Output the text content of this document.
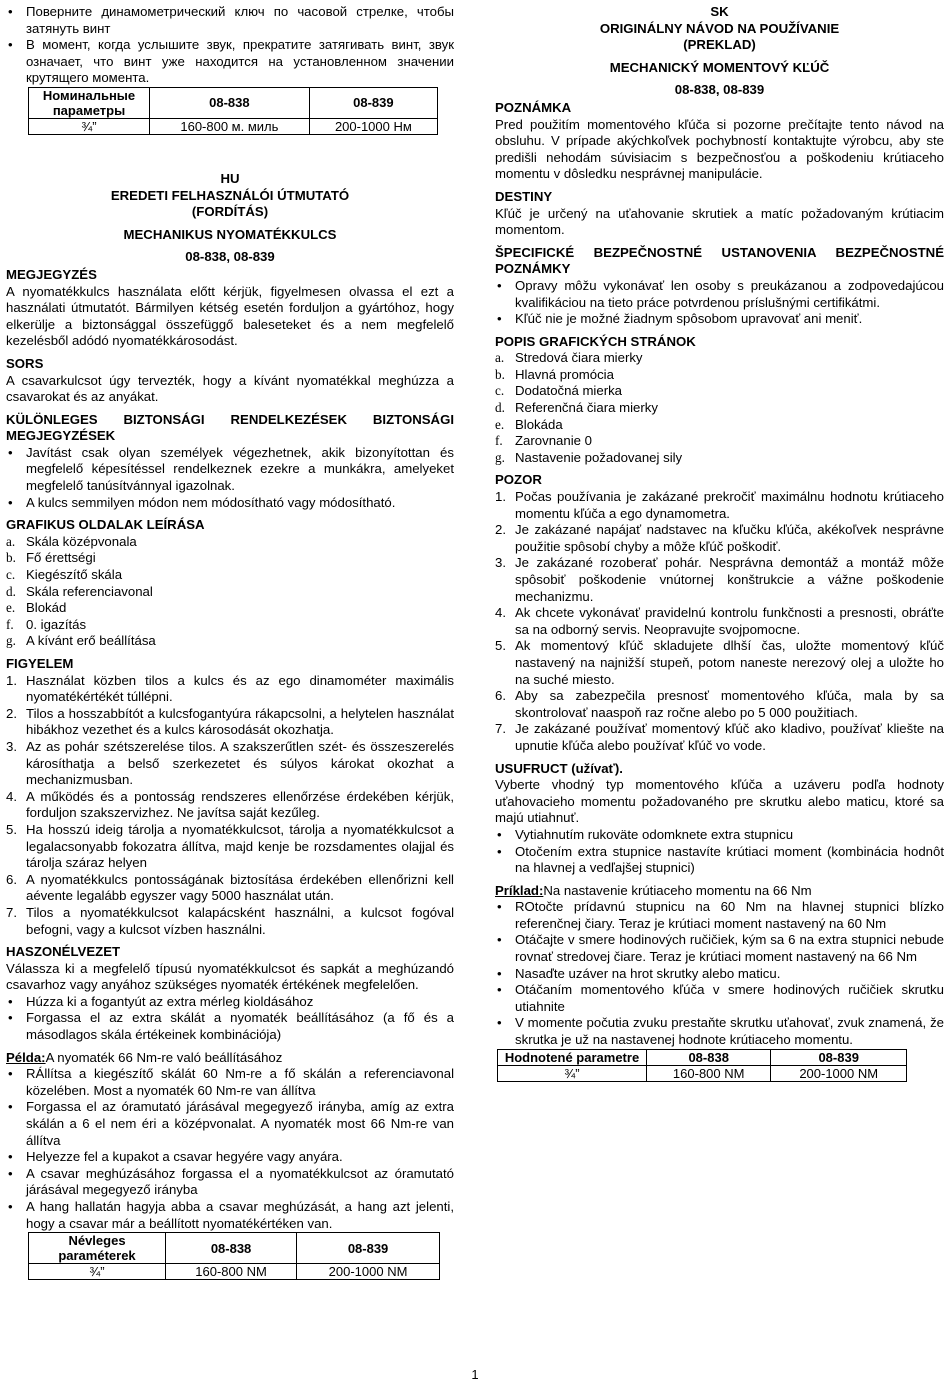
• Поверните динамометрический ключ по часовой стрелке, чтобы затянуть винт
• В момент, когда услышите звук, прекратите затягивать винт, звук означает, что винт уже находится на установленном значении крутящего момента.
Номинальные параметры	08-838	08-839
¾”	160-800 м. миль	200-1000 Нм
HU
EREDETI FELHASZNÁLÓI ÚTMUTATÓ
(FORDÍTÁS)
MECHANIKUS NYOMATÉKKULCS
08-838, 08-839
MEGJEGYZÉS

A nyomatékkulcs használata előtt kérjük, figyelmesen olvassa el ezt a használati útmutatót. Bármilyen kétség esetén forduljon a gyártóhoz, hogy elkerülje a biztonsággal összefüggő baleseteket és a nem megfelelő kezelésből adódó nyomatékkárosodást.

SORS

A csavarkulcsot úgy tervezték, hogy a kívánt nyomatékkal meghúzza a csavarokat és az anyákat.

KÜLÖNLEGES BIZTONSÁGI RENDELKEZÉSEK BIZTONSÁGI MEGJEGYZÉSEK
• Javítást csak olyan személyek végezhetnek, akik bizonyítottan és megfelelő képesítéssel rendelkeznek ezekre a munkákra, amelyeket megfelelő tanúsítvánnyal igazolnak.
• A kulcs semmilyen módon nem módosítható vagy módosítható.
GRAFIKUS OLDALAK LEÍRÁSA
a. Skála középvonala
b. Fő érettségi
c. Kiegészítő skála
d. Skála referenciavonal
e. Blokád
f. 0. igazítás
g. A kívánt erő beállítása
FIGYELEM
1. Használat közben tilos a kulcs és az ego dinamométer maximális nyomatékértékét túllépni.
2. Tilos a hosszabbítót a kulcsfogantyúra rákapcsolni, a helytelen használat hibákhoz vezethet és a kulcs károsodását okozhatja.
3. Az as pohár szétszerelése tilos. A szakszerűtlen szét- és összeszerelés károsíthatja a belső szerkezetet és súlyos károkat okozhat a mechanizmusban.
4. A működés és a pontosság rendszeres ellenőrzése érdekében kérjük, forduljon szakszervizhez. Ne javítsa saját kezűleg.
5. Ha hosszú ideig tárolja a nyomatékkulcsot, tárolja a nyomatékkulcsot a legalacsonyabb fokozatra állítva, majd kenje be rozsdamentes olajjal és tárolja száraz helyen
6. A nyomatékkulcs pontosságának biztosítása érdekében ellenőrizni kell aévente legalább egyszer vagy 5000 használat után.
7. Tilos a nyomatékkulcsot kalapácsként használni, a kulcsot fogóval befogni, vagy a kulcsot vízben használni.
HASZONÉLVEZET

Válassza ki a megfelelő típusú nyomatékkulcsot és sapkát a meghúzandó csavarhoz vagy anyához szükséges nyomaték értékének megfelelően.

• Húzza ki a fogantyút az extra mérleg kioldásához
• Forgassa el az extra skálát a nyomaték beállításához (a fő és a másodlagos skála értékeinek kombinációja)
Példa:A nyomaték 66 Nm-re való beállításához
• RÁllítsa a kiegészítő skálát 60 Nm-re a fő skálán a referenciavonal közelében. Most a nyomaték 60 Nm-re van állítva
• Forgassa el az óramutató járásával megegyező irányba, amíg az extra skálán a 6 el nem éri a középvonalat. A nyomaték most 66 Nm-re van állítva
• Helyezze fel a kupakot a csavar hegyére vagy anyára.
• A csavar meghúzásához forgassa el a nyomatékkulcsot az óramutató járásával megegyező irányba
• A hang hallatán hagyja abba a csavar meghúzását, a hang azt jelenti, hogy a csavar már a beállított nyomatékértéken van.
Névleges paraméterek	08-838	08-839
¾”	160-800 NM	200-1000 NM
SK
ORIGINÁLNY NÁVOD NA POUŽÍVANIE
(PREKLAD)
MECHANICKÝ MOMENTOVÝ KĽÚČ
08-838, 08-839
POZNÁMKA

Pred použitím momentového kľúča si pozorne prečítajte tento návod na obsluhu. V prípade akýchkoľvek pochybností kontaktujte výrobcu, aby ste predišli nehodám súvisiacim s bezpečnosťou a poškodeniu krútiaceho momentu v dôsledku nesprávnej manipulácie.

DESTINY

Kľúč je určený na uťahovanie skrutiek a matíc požadovaným krútiacim momentom.

ŠPECIFICKÉ BEZPEČNOSTNÉ USTANOVENIA BEZPEČNOSTNÉ POZNÁMKY
• Opravy môžu vykonávať len osoby s preukázanou a zodpovedajúcou kvalifikáciou na tieto práce potvrdenou príslušnými certifikátmi.
• Kľúč nie je možné žiadnym spôsobom upravovať ani meniť.
POPIS GRAFICKÝCH STRÁNOK
a. Stredová čiara mierky
b. Hlavná promócia
c. Dodatočná mierka
d. Referenčná čiara mierky
e. Blokáda
f. Zarovnanie 0
g. Nastavenie požadovanej sily
POZOR
1. Počas používania je zakázané prekročiť maximálnu hodnotu krútiaceho momentu kľúča a ego dynamometra.
2. Je zakázané napájať nadstavec na kľučku kľúča, akékoľvek nesprávne použitie spôsobí chyby a môže kľúč poškodiť.
3. Je zakázané rozoberať pohár. Nesprávna demontáž a montáž môže spôsobiť poškodenie vnútornej konštrukcie a vážne poškodenie mechanizmu.
4. Ak chcete vykonávať pravidelnú kontrolu funkčnosti a presnosti, obráťte sa na odborný servis. Neopravujte svojpomocne.
5. Ak momentový kľúč skladujete dlhší čas, uložte momentový kľúč nastavený na najnižší stupeň, potom naneste nerezový olej a uložte ho na suché miesto.
6. Aby sa zabezpečila presnosť momentového kľúča, mala by sa skontrolovať naaspoň raz ročne alebo po 5 000 použitiach.
7. Je zakázané používať momentový kľúč ako kladivo, používať kliešte na upnutie kľúča alebo používať kľúč vo vode.
USUFRUCT (užívať).

Vyberte vhodný typ momentového kľúča a uzáveru podľa hodnoty uťahovacieho momentu požadovaného pre skrutku alebo maticu, ktoré sa majú utiahnuť.

• Vytiahnutím rukoväte odomknete extra stupnicu
• Otočením extra stupnice nastavíte krútiaci moment (kombinácia hodnôt na hlavnej a vedľajšej stupnici)
Príklad:Na nastavenie krútiaceho momentu na 66 Nm
• ROtočte prídavnú stupnicu na 60 Nm na hlavnej stupnici blízko referenčnej čiary. Teraz je krútiaci moment nastavený na 60 Nm
• Otáčajte v smere hodinových ručičiek, kým sa 6 na extra stupnici nebude rovnať stredovej čiare. Teraz je krútiaci moment nastavený na 66 Nm
• Nasaďte uzáver na hrot skrutky alebo maticu.
• Otáčaním momentového kľúča v smere hodinových ručičiek skrutku utiahnite
• V momente počutia zvuku prestaňte skrutku uťahovať, zvuk znamená, že skrutka je už na nastavenej hodnote krútiaceho momentu.
Hodnotené parametre	08-838	08-839
¾”	160-800 NM	200-1000 NM
1
